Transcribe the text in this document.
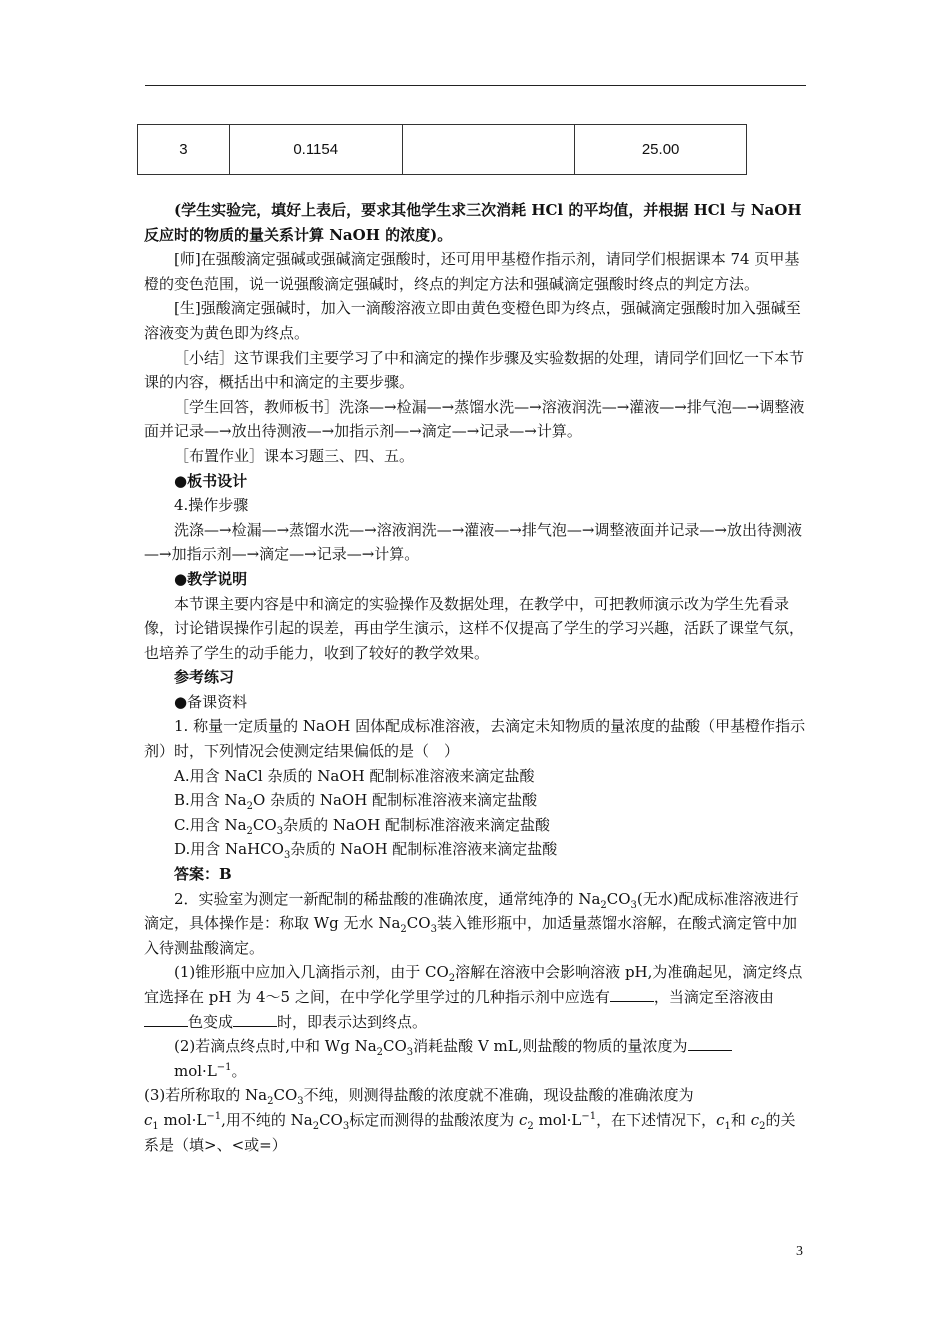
3	0.1154		25.00

(学生实验完，填好上表后，要求其他学生求三次消耗 HCl 的平均值，并根据 HCl 与 NaOH 反应时的物质的量关系计算 NaOH 的浓度)。

[师]在强酸滴定强碱或强碱滴定强酸时，还可用甲基橙作指示剂，请同学们根据课本 74 页甲基橙的变色范围，说一说强酸滴定强碱时，终点的判定方法和强碱滴定强酸时终点的判定方法。

[生]强酸滴定强碱时，加入一滴酸溶液立即由黄色变橙色即为终点，强碱滴定强酸时加入强碱至溶液变为黄色即为终点。

［小结］这节课我们主要学习了中和滴定的操作步骤及实验数据的处理，请同学们回忆一下本节课的内容，概括出中和滴定的主要步骤。

［学生回答，教师板书］洗涤—→检漏—→蒸馏水洗—→溶液润洗—→灌液—→排气泡—→调整液面并记录—→放出待测液—→加指示剂—→滴定—→记录—→计算。

［布置作业］课本习题三、四、五。

●板书设计

4.操作步骤

洗涤—→检漏—→蒸馏水洗—→溶液润洗—→灌液—→排气泡—→调整液面并记录—→放出待测液—→加指示剂—→滴定—→记录—→计算。

●教学说明

本节课主要内容是中和滴定的实验操作及数据处理，在教学中，可把教师演示改为学生先看录像，讨论错误操作引起的误差，再由学生演示，这样不仅提高了学生的学习兴趣，活跃了课堂气氛，也培养了学生的动手能力，收到了较好的教学效果。

参考练习

●备课资料

1. 称量一定质量的 NaOH 固体配成标准溶液，去滴定未知物质的量浓度的盐酸（甲基橙作指示剂）时，下列情况会使测定结果偏低的是（　）

A.用含 NaCl 杂质的 NaOH 配制标准溶液来滴定盐酸

B.用含 $Na_2O$ 杂质的 NaOH 配制标准溶液来滴定盐酸

C.用含 $Na_2CO_3$杂质的 NaOH 配制标准溶液来滴定盐酸

D.用含 NaHCO$_3$杂质的 NaOH 配制标准溶液来滴定盐酸

答案：B

2．实验室为测定一新配制的稀盐酸的准确浓度，通常纯净的 $Na_2CO_3$(无水)配成标准溶液进行滴定，具体操作是：称取 Wg 无水 $Na_2CO_3$装入锥形瓶中，加适量蒸馏水溶解，在酸式滴定管中加入待测盐酸滴定。

(1)锥形瓶中应加入几滴指示剂，由于 $CO_2$溶解在溶液中会影响溶液 pH,为准确起见，滴定终点宜选择在 pH 为 4～5 之间，在中学化学里学过的几种指示剂中应选有	，当滴定至溶液由色变成	时，即表示达到终点。

(2)若滴点终点时,中和 Wg $Na_2CO_3$消耗盐酸 V mL,则盐酸的物质的量浓度为

$mol\cdot L^{-1}$。

(3)若所称取的 $Na_2CO_3$不纯，则测得盐酸的浓度就不准确，现设盐酸的准确浓度为
$c_1$ $mol\cdot L^{-1}$,用不纯的 $Na_2CO_3$标定而测得的盐酸浓度为 $c_2$ $mol\cdot L^{-1}$，在下述情况下，$c_1$和 $c_2$的关系是（填>、<或=）

3
